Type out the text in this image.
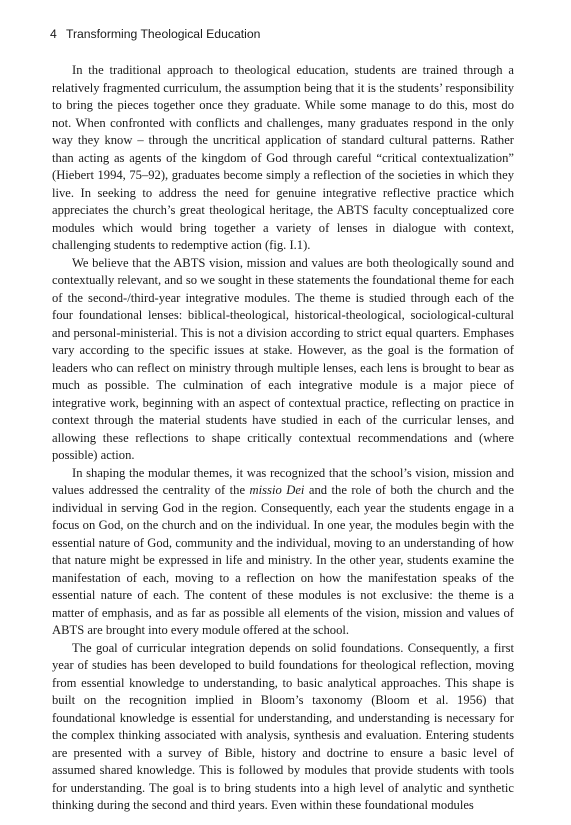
4 Transforming Theological Education

In the traditional approach to theological education, students are trained through a relatively fragmented curriculum, the assumption being that it is the students’ responsibility to bring the pieces together once they graduate. While some manage to do this, most do not. When confronted with conflicts and challenges, many graduates respond in the only way they know – through the uncritical application of standard cultural patterns. Rather than acting as agents of the kingdom of God through careful “critical contextualization” (Hiebert 1994, 75–92), graduates become simply a reflection of the societies in which they live. In seeking to address the need for genuine integrative reflective practice which appreciates the church’s great theological heritage, the ABTS faculty conceptualized core modules which would bring together a variety of lenses in dialogue with context, challenging students to redemptive action (fig. I.1).

We believe that the ABTS vision, mission and values are both theologically sound and contextually relevant, and so we sought in these statements the foundational theme for each of the second-/third-year integrative modules. The theme is studied through each of the four foundational lenses: biblical-theological, historical-theological, sociological-cultural and personal-ministerial. This is not a division according to strict equal quarters. Emphases vary according to the specific issues at stake. However, as the goal is the formation of leaders who can reflect on ministry through multiple lenses, each lens is brought to bear as much as possible. The culmination of each integrative module is a major piece of integrative work, beginning with an aspect of contextual practice, reflecting on practice in context through the material students have studied in each of the curricular lenses, and allowing these reflections to shape critically contextual recommendations and (where possible) action.

In shaping the modular themes, it was recognized that the school’s vision, mission and values addressed the centrality of the missio Dei and the role of both the church and the individual in serving God in the region. Consequently, each year the students engage in a focus on God, on the church and on the individual. In one year, the modules begin with the essential nature of God, community and the individual, moving to an understanding of how that nature might be expressed in life and ministry. In the other year, students examine the manifestation of each, moving to a reflection on how the manifestation speaks of the essential nature of each. The content of these modules is not exclusive: the theme is a matter of emphasis, and as far as possible all elements of the vision, mission and values of ABTS are brought into every module offered at the school.

The goal of curricular integration depends on solid foundations. Consequently, a first year of studies has been developed to build foundations for theological reflection, moving from essential knowledge to understanding, to basic analytical approaches. This shape is built on the recognition implied in Bloom’s taxonomy (Bloom et al. 1956) that foundational knowledge is essential for understanding, and understanding is necessary for the complex thinking associated with analysis, synthesis and evaluation. Entering students are presented with a survey of Bible, history and doctrine to ensure a basic level of assumed shared knowledge. This is followed by modules that provide students with tools for understanding. The goal is to bring students into a high level of analytic and synthetic thinking during the second and third years. Even within these foundational modules
